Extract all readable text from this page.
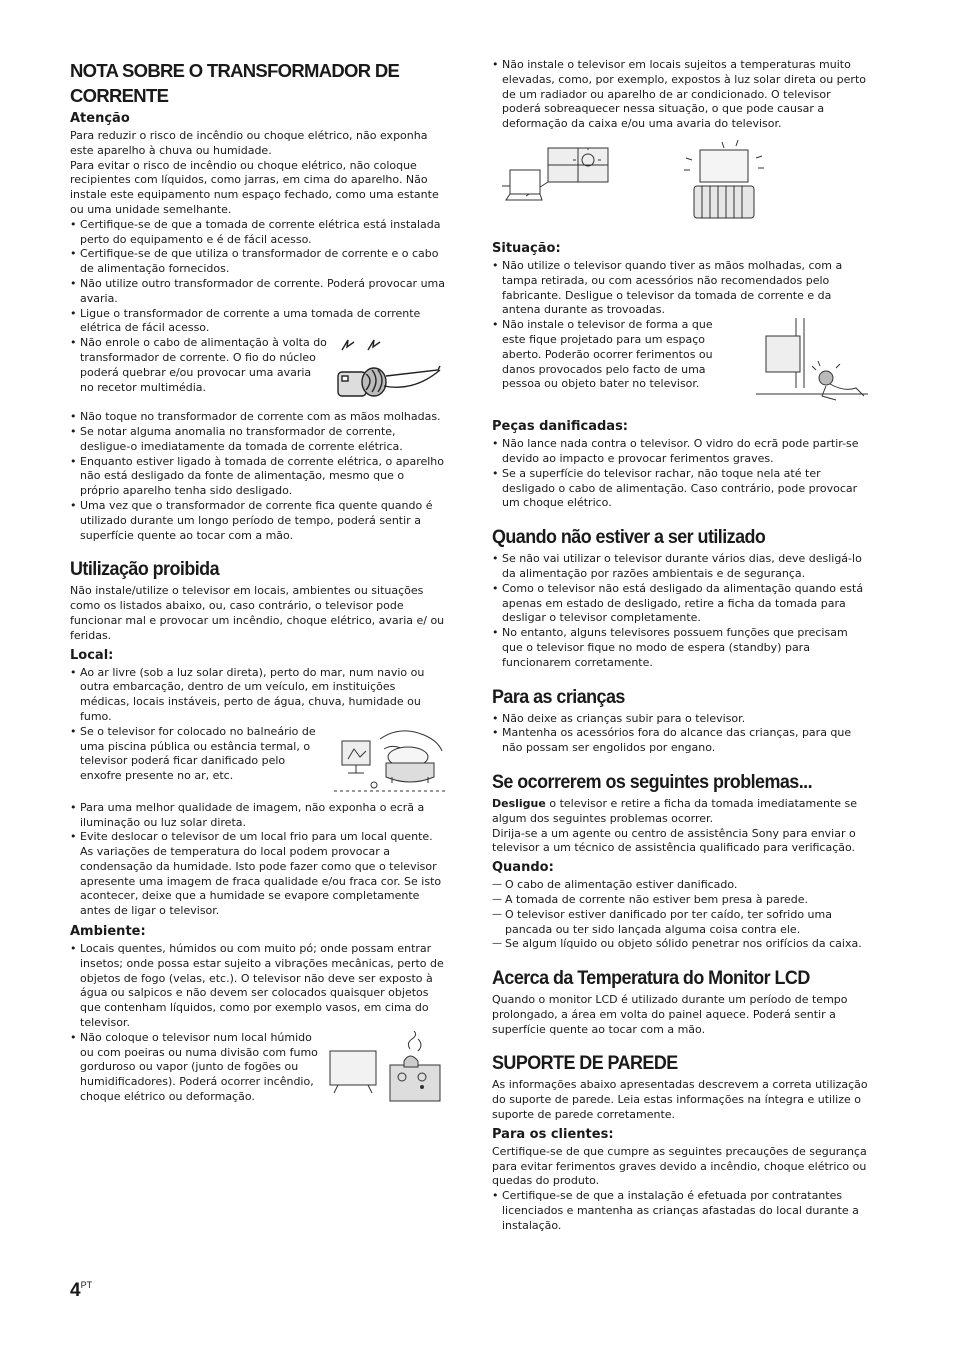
NOTA SOBRE O TRANSFORMADOR DE CORRENTE
Atenção

Para reduzir o risco de incêndio ou choque elétrico, não exponha este aparelho à chuva ou humidade.

Para evitar o risco de incêndio ou choque elétrico, não coloque recipientes com líquidos, como jarras, em cima do aparelho. Não instale este equipamento num espaço fechado, como uma estante ou uma unidade semelhante.

• Certifique-se de que a tomada de corrente elétrica está instalada perto do equipamento e é de fácil acesso.
• Certifique-se de que utiliza o transformador de corrente e o cabo de alimentação fornecidos.
• Não utilize outro transformador de corrente. Poderá provocar uma avaria.
• Ligue o transformador de corrente a uma tomada de corrente elétrica de fácil acesso.
• Não enrole o cabo de alimentação à volta do transformador de corrente. O fio do núcleo poderá quebrar e/ou provocar uma avaria no recetor multimédia.
• Não toque no transformador de corrente com as mãos molhadas.
• Se notar alguma anomalia no transformador de corrente, desligue-o imediatamente da tomada de corrente elétrica.
• Enquanto estiver ligado à tomada de corrente elétrica, o aparelho não está desligado da fonte de alimentação, mesmo que o próprio aparelho tenha sido desligado.
• Uma vez que o transformador de corrente fica quente quando é utilizado durante um longo período de tempo, poderá sentir a superfície quente ao tocar com a mão.
Utilização proibida

Não instale/utilize o televisor em locais, ambientes ou situações como os listados abaixo, ou, caso contrário, o televisor pode funcionar mal e provocar um incêndio, choque elétrico, avaria e/ ou feridas.

Local:
• Ao ar livre (sob a luz solar direta), perto do mar, num navio ou outra embarcação, dentro de um veículo, em instituições médicas, locais instáveis, perto de água, chuva, humidade ou fumo.
• Se o televisor for colocado no balneário de uma piscina pública ou estância termal, o televisor poderá ficar danificado pelo enxofre presente no ar, etc.
• Para uma melhor qualidade de imagem, não exponha o ecrã a iluminação ou luz solar direta.
• Evite deslocar o televisor de um local frio para um local quente. As variações de temperatura do local podem provocar a condensação da humidade. Isto pode fazer como que o televisor apresente uma imagem de fraca qualidade e/ou fraca cor. Se isto acontecer, deixe que a humidade se evapore completamente antes de ligar o televisor.
Ambiente:
• Locais quentes, húmidos ou com muito pó; onde possam entrar insetos; onde possa estar sujeito a vibrações mecânicas, perto de objetos de fogo (velas, etc.). O televisor não deve ser exposto à água ou salpicos e não devem ser colocados quaisquer objetos que contenham líquidos, como por exemplo vasos, em cima do televisor.
• Não coloque o televisor num local húmido ou com poeiras ou numa divisão com fumo gorduroso ou vapor (junto de fogões ou humidificadores). Poderá ocorrer incêndio, choque elétrico ou deformação.
• Não instale o televisor em locais sujeitos a temperaturas muito elevadas, como, por exemplo, expostos à luz solar direta ou perto de um radiador ou aparelho de ar condicionado. O televisor poderá sobreaquecer nessa situação, o que pode causar a deformação da caixa e/ou uma avaria do televisor.
Situação:
• Não utilize o televisor quando tiver as mãos molhadas, com a tampa retirada, ou com acessórios não recomendados pelo fabricante. Desligue o televisor da tomada de corrente e da antena durante as trovoadas.
• Não instale o televisor de forma a que este fique projetado para um espaço aberto. Poderão ocorrer ferimentos ou danos provocados pelo facto de uma pessoa ou objeto bater no televisor.
Peças danificadas:
• Não lance nada contra o televisor. O vidro do ecrã pode partir-se devido ao impacto e provocar ferimentos graves.
• Se a superfície do televisor rachar, não toque nela até ter desligado o cabo de alimentação. Caso contrário, pode provocar um choque elétrico.
Quando não estiver a ser utilizado
• Se não vai utilizar o televisor durante vários dias, deve desligá-lo da alimentação por razões ambientais e de segurança.
• Como o televisor não está desligado da alimentação quando está apenas em estado de desligado, retire a ficha da tomada para desligar o televisor completamente.
• No entanto, alguns televisores possuem funções que precisam que o televisor fique no modo de espera (standby) para funcionarem corretamente.
Para as crianças
• Não deixe as crianças subir para o televisor.
• Mantenha os acessórios fora do alcance das crianças, para que não possam ser engolidos por engano.
Se ocorrerem os seguintes problemas...

Desligue o televisor e retire a ficha da tomada imediatamente se algum dos seguintes problemas ocorrer.

Dirija-se a um agente ou centro de assistência Sony para enviar o televisor a um técnico de assistência qualificado para verificação.

Quando:
— O cabo de alimentação estiver danificado.
— A tomada de corrente não estiver bem presa à parede.
— O televisor estiver danificado por ter caído, ter sofrido uma pancada ou ter sido lançada alguma coisa contra ele.
— Se algum líquido ou objeto sólido penetrar nos orifícios da caixa.
Acerca da Temperatura do Monitor LCD

Quando o monitor LCD é utilizado durante um período de tempo prolongado, a área em volta do painel aquece. Poderá sentir a superfície quente ao tocar com a mão.

SUPORTE DE PAREDE

As informações abaixo apresentadas descrevem a correta utilização do suporte de parede. Leia estas informações na íntegra e utilize o suporte de parede corretamente.

Para os clientes:

Certifique-se de que cumpre as seguintes precauções de segurança para evitar ferimentos graves devido a incêndio, choque elétrico ou quedas do produto.

• Certifique-se de que a instalação é efetuada por contratantes licenciados e mantenha as crianças afastadas do local durante a instalação.
$4^{PT}$
